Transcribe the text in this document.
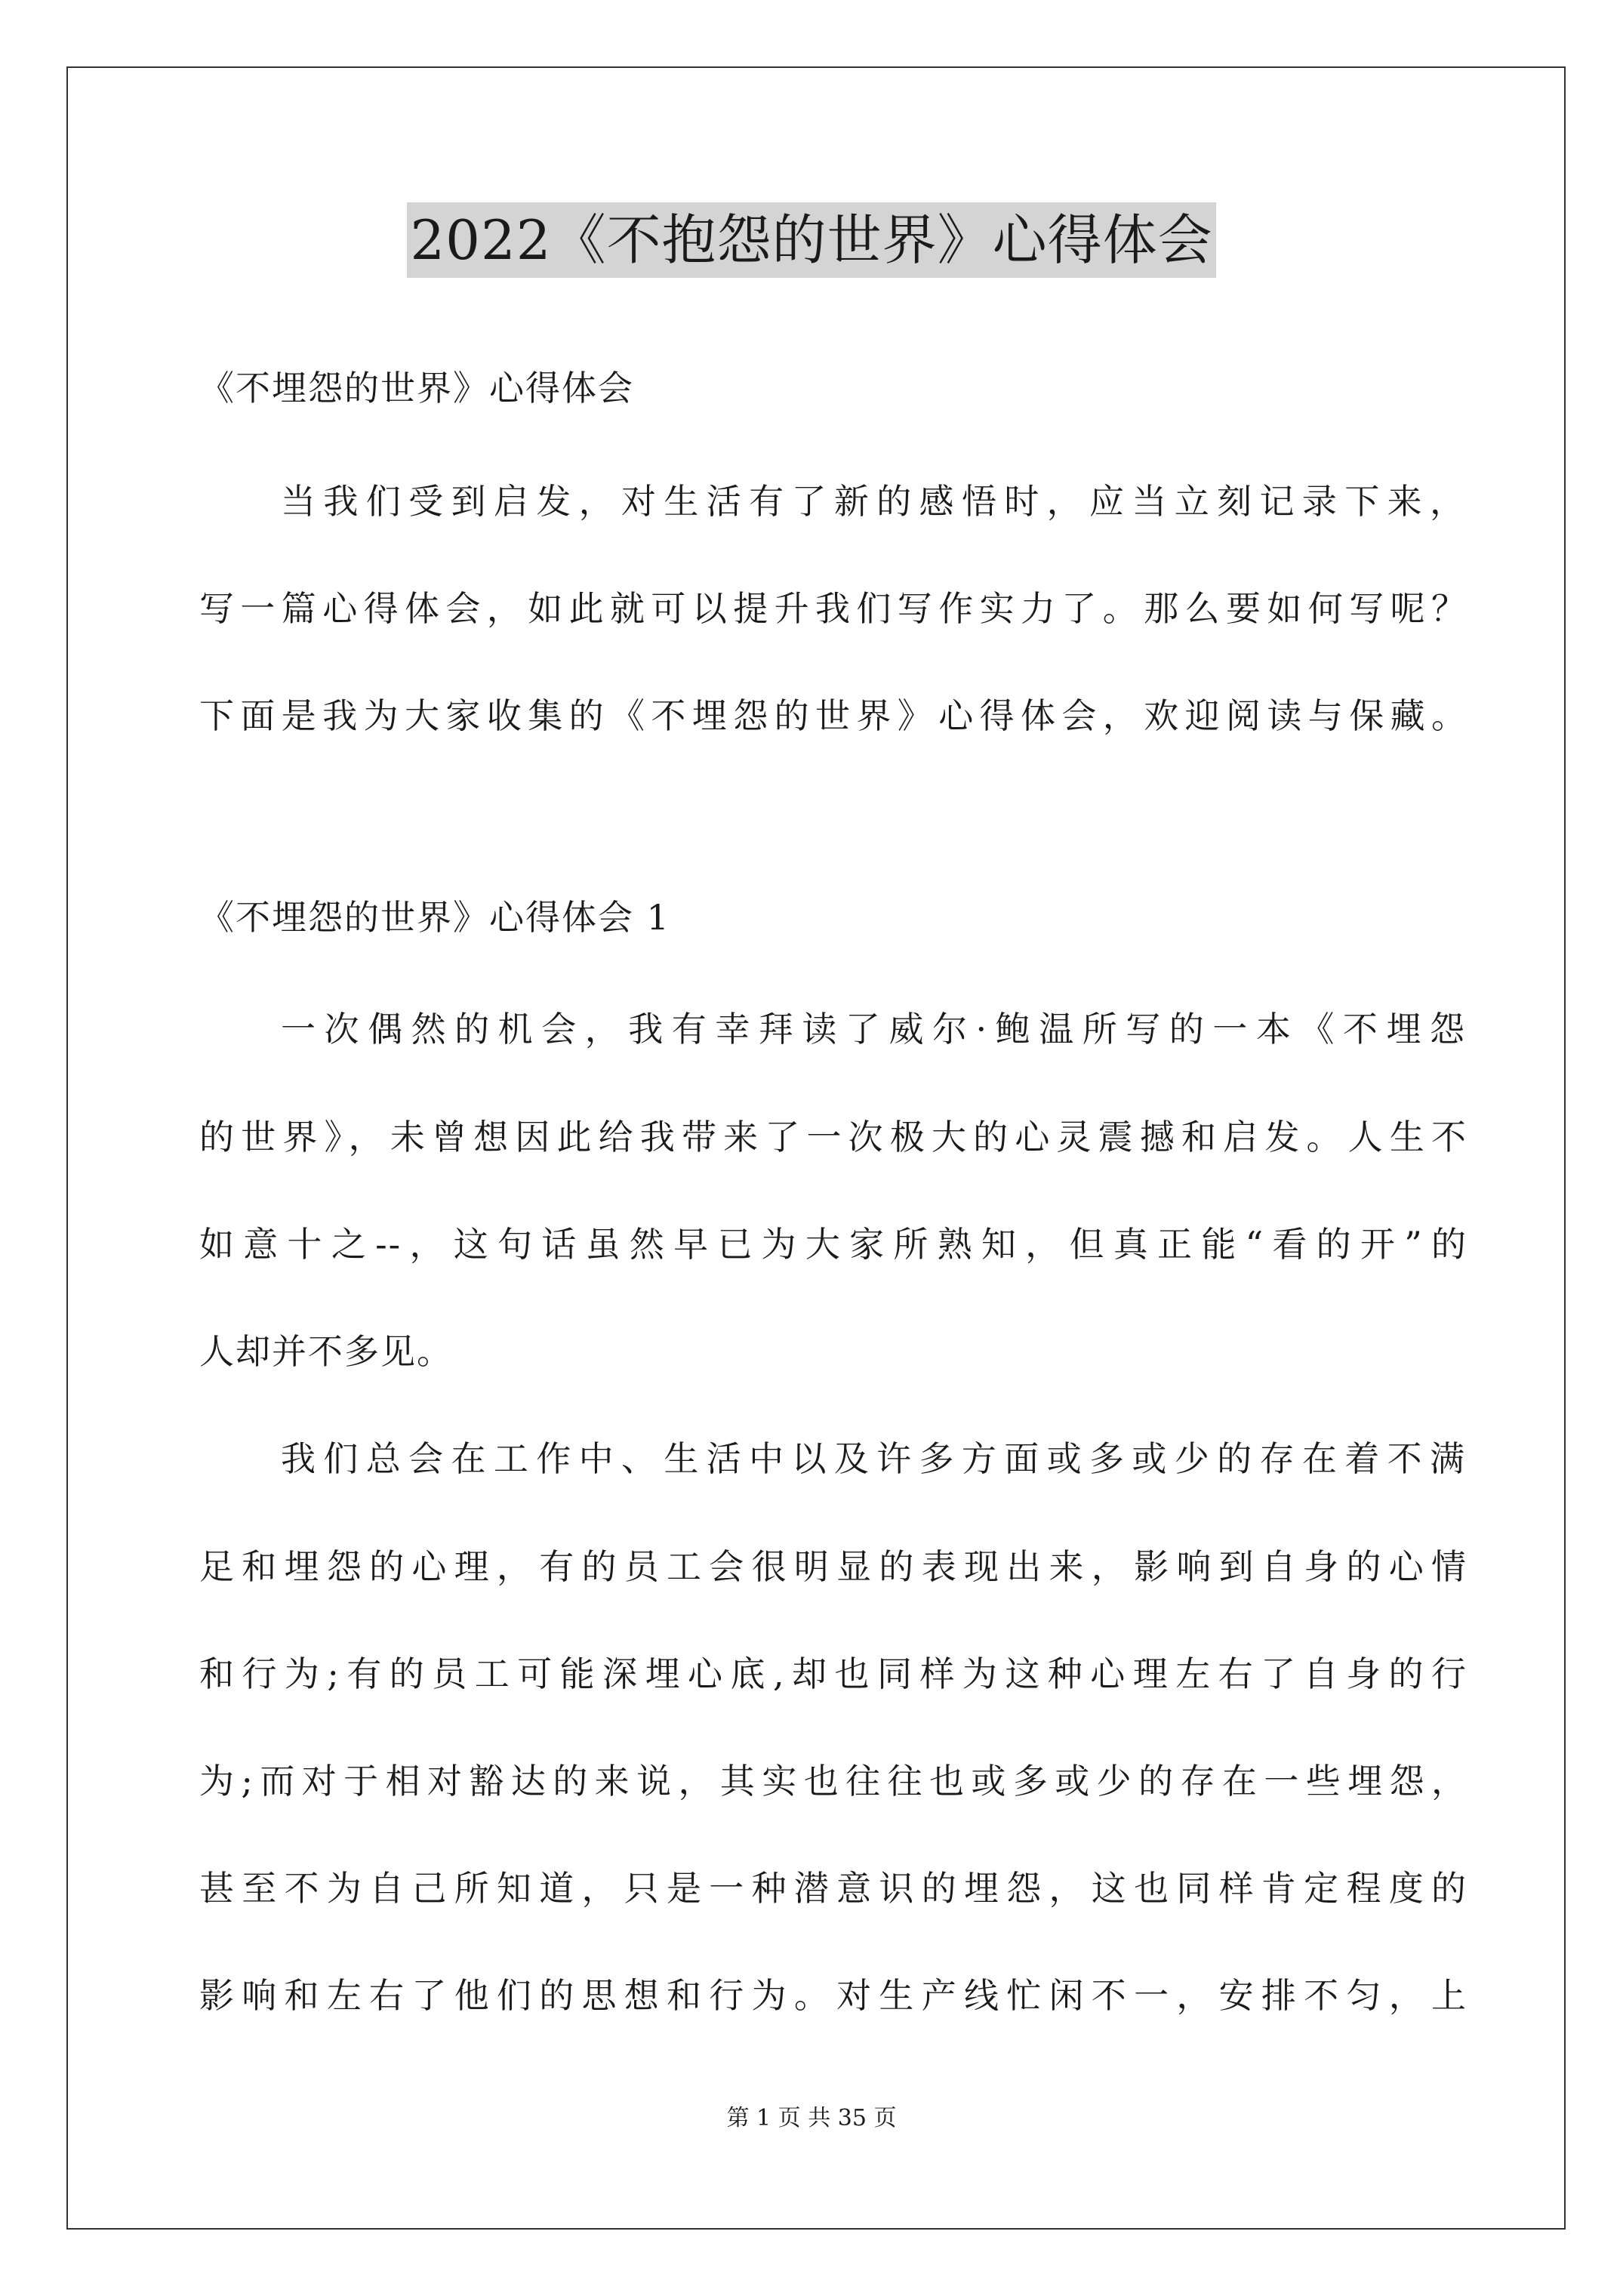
2022《不抱怨的世界》心得体会
《不埋怨的世界》心得体会
当我们受到启发，对生活有了新的感悟时，应当立刻记录下来，
写一篇心得体会，如此就可以提升我们写作实力了。那么要如何写呢？
下面是我为大家收集的《不埋怨的世界》心得体会，欢迎阅读与保藏。
《不埋怨的世界》心得体会 1
一次偶然的机会，我有幸拜读了威尔·鲍温所写的一本《不埋怨
的世界》，未曾想因此给我带来了一次极大的心灵震撼和启发。人生不
如意十之--，这句话虽然早已为大家所熟知，但真正能“看的开”的
人却并不多见。
我们总会在工作中、生活中以及许多方面或多或少的存在着不满
足和埋怨的心理，有的员工会很明显的表现出来，影响到自身的心情
和行为;有的员工可能深埋心底,却也同样为这种心理左右了自身的行
为;而对于相对豁达的来说，其实也往往也或多或少的存在一些埋怨，
甚至不为自己所知道，只是一种潜意识的埋怨，这也同样肯定程度的
影响和左右了他们的思想和行为。对生产线忙闲不一，安排不匀，上
第 1 页 共 35 页
